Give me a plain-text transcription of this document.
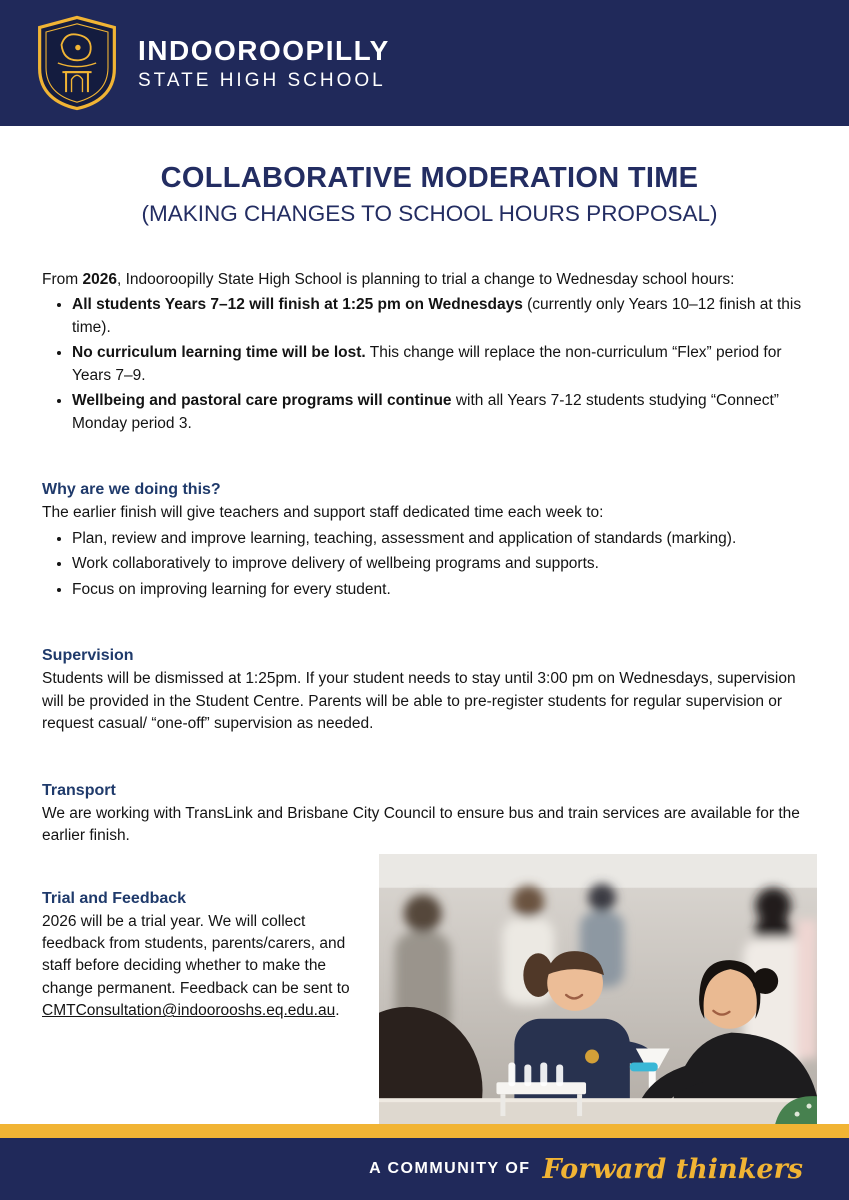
INDOOROOPILLY
STATE HIGH SCHOOL
COLLABORATIVE MODERATION TIME
(MAKING CHANGES TO SCHOOL HOURS PROPOSAL)

From 2026, Indooroopilly State High School is planning to trial a change to Wednesday school hours:

• All students Years 7–12 will finish at 1:25 pm on Wednesdays (currently only Years 10–12 finish at this time).
• No curriculum learning time will be lost. This change will replace the non-curriculum “Flex” period for Years 7–9.
• Wellbeing and pastoral care programs will continue with all Years 7-12 students studying “Connect” Monday period 3.
Why are we doing this?

The earlier finish will give teachers and support staff dedicated time each week to:

• Plan, review and improve learning, teaching, assessment and application of standards (marking).
• Work collaboratively to improve delivery of wellbeing programs and supports.
• Focus on improving learning for every student.
Supervision

Students will be dismissed at 1:25pm. If your student needs to stay until 3:00 pm on Wednesdays, supervision will be provided in the Student Centre. Parents will be able to pre-register students for regular supervision or request casual/ “one-off” supervision as needed.

Transport

We are working with TransLink and Brisbane City Council to ensure bus and train services are available for the earlier finish.

Trial and Feedback

2026 will be a trial year. We will collect feedback from students, parents/carers, and staff before deciding whether to make the change permanent. Feedback can be sent to CMTConsultation@indoorooshs.eq.edu.au.

A COMMUNITY OF Forward thinkers
